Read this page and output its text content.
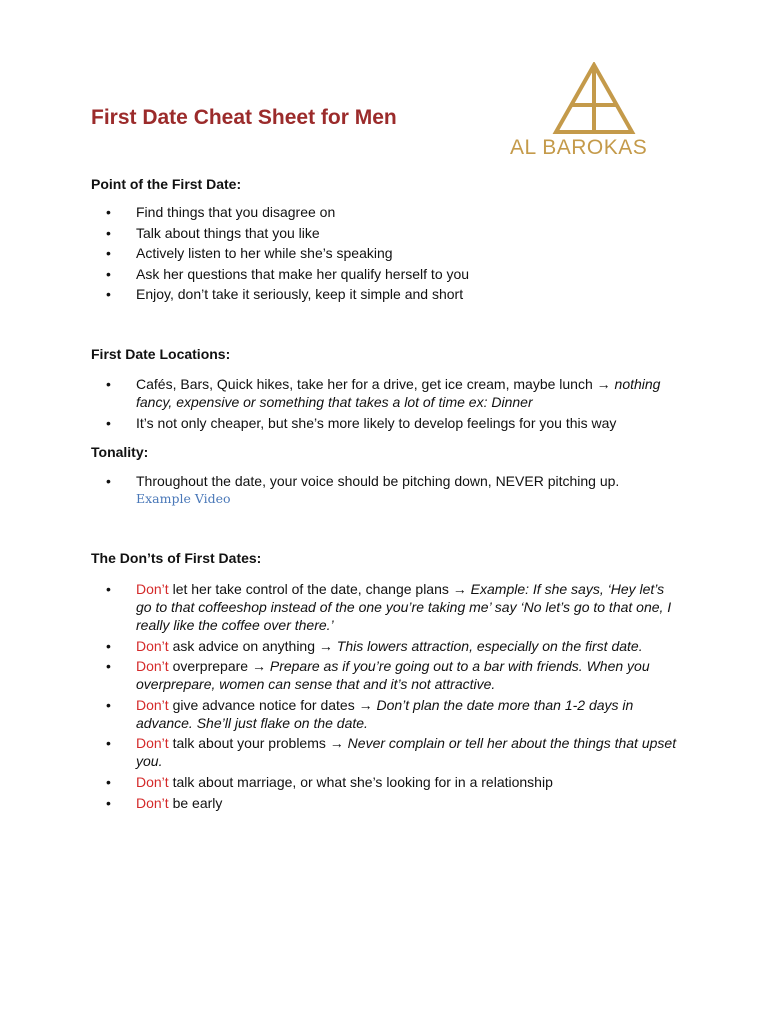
First Date Cheat Sheet for Men
AL BAROKAS
Point of the First Date:
• Find things that you disagree on
• Talk about things that you like
• Actively listen to her while she’s speaking
• Ask her questions that make her qualify herself to you
• Enjoy, don’t take it seriously, keep it simple and short
First Date Locations:
• Cafés, Bars, Quick hikes, take her for a drive, get ice cream, maybe lunch → nothing fancy, expensive or something that takes a lot of time ex: Dinner
• It’s not only cheaper, but she’s more likely to develop feelings for you this way
Tonality:
• Throughout the date, your voice should be pitching down, NEVER pitching up.
Example Video
The Don’ts of First Dates:
• Don’t let her take control of the date, change plans → Example: If she says, ‘Hey let’s go to that coffeeshop instead of the one you’re taking me’ say ‘No let’s go to that one, I really like the coffee over there.’
• Don’t ask advice on anything → This lowers attraction, especially on the first date.
• Don’t overprepare → Prepare as if you’re going out to a bar with friends. When you overprepare, women can sense that and it’s not attractive.
• Don’t give advance notice for dates → Don’t plan the date more than 1-2 days in advance. She’ll just flake on the date.
• Don’t talk about your problems → Never complain or tell her about the things that upset you.
• Don’t talk about marriage, or what she’s looking for in a relationship
• Don’t be early
